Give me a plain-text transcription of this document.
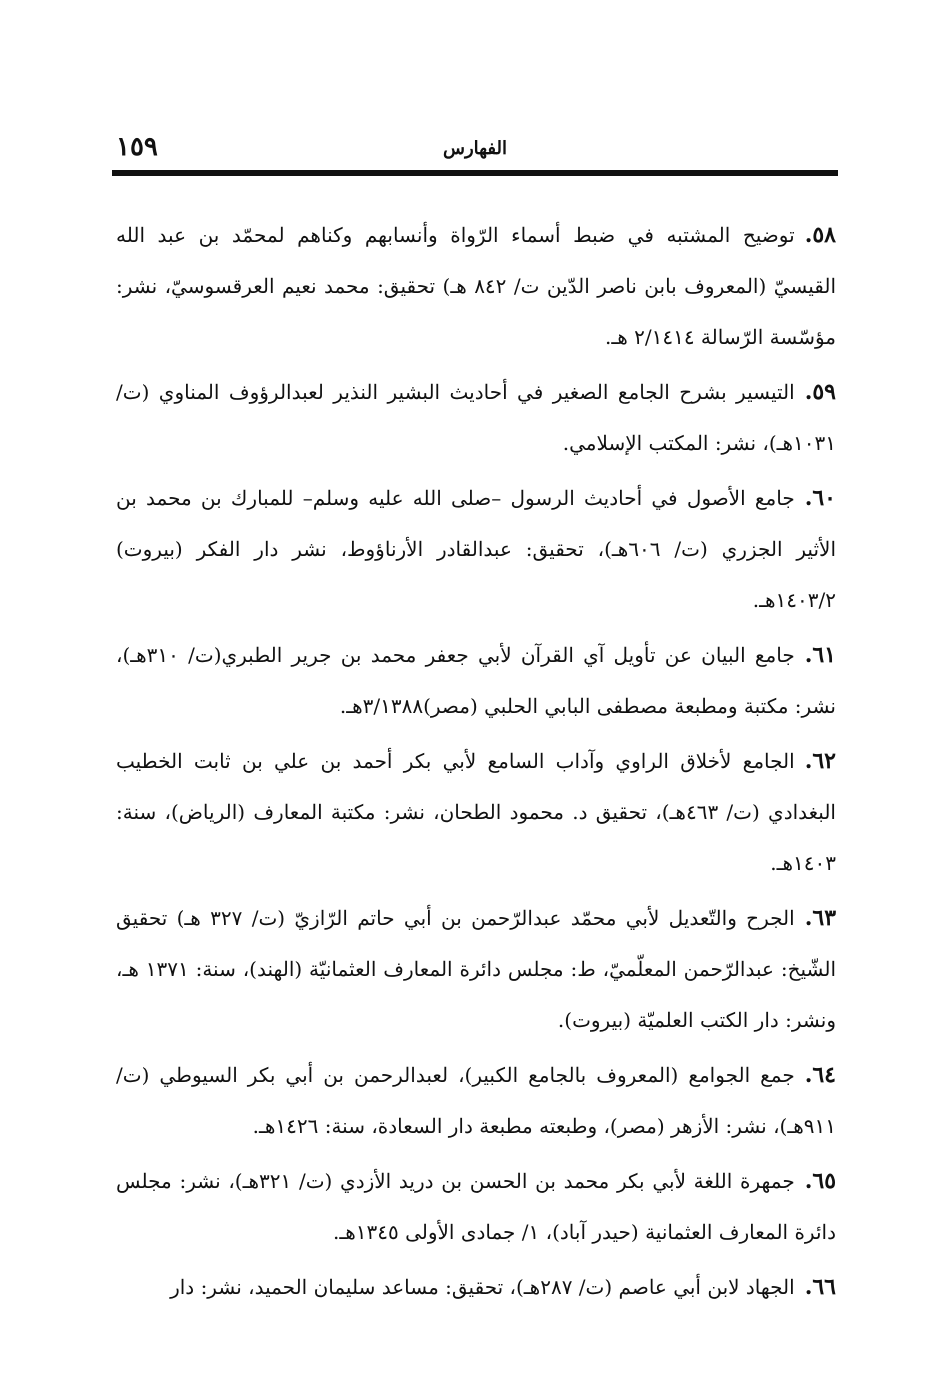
١٥٩	الفهارس

٥٨.توضيح المشتبه في ضبط أسماء الرّواة وأنسابهم وكناهم لمحمّد بن عبد الله القيسيّ (المعروف بابن ناصر الدّين ت/ ٨٤٢ هـ) تحقيق: محمد نعيم العرقسوسيّ، نشر: مؤسّسة الرّسالة ٢/١٤١٤ هـ.

٥٩.التيسير بشرح الجامع الصغير في أحاديث البشير النذير لعبدالرؤوف المناوي (ت/ ١٠٣١هـ)، نشر: المكتب الإسلامي.

٦٠.جامع الأصول في أحاديث الرسول –صلى الله عليه وسلم– للمبارك بن محمد بن الأثير الجزري (ت/ ٦٠٦هـ)، تحقيق: عبدالقادر الأرناؤوط، نشر دار الفكر (بيروت) ١٤٠٣/٢هـ.

٦١.جامع البيان عن تأويل آي القرآن لأبي جعفر محمد بن جرير الطبري(ت/ ٣١٠هـ)، نشر: مكتبة ومطبعة مصطفى البابي الحلبي (مصر)٣/١٣٨٨هـ.

٦٢.الجامع لأخلاق الراوي وآداب السامع لأبي بكر أحمد بن علي بن ثابت الخطيب البغدادي (ت/ ٤٦٣هـ)، تحقيق د. محمود الطحان، نشر: مكتبة المعارف (الرياض)، سنة: ١٤٠٣هـ.

٦٣.الجرح والتّعديل لأبي محمّد عبدالرّحمن بن أبي حاتم الرّازيّ (ت/ ٣٢٧ هـ) تحقيق الشّيخ: عبدالرّحمن المعلّميّ، ط: مجلس دائرة المعارف العثمانيّة (الهند)، سنة: ١٣٧١ هـ، ونشر: دار الكتب العلميّة (بيروت).

٦٤.جمع الجوامع (المعروف بالجامع الكبير)، لعبدالرحمن بن أبي بكر السيوطي (ت/ ٩١١هـ)، نشر: الأزهر (مصر)، وطبعته مطبعة دار السعادة، سنة: ١٤٢٦هـ.

٦٥.جمهرة اللغة لأبي بكر محمد بن الحسن بن دريد الأزدي (ت/ ٣٢١هـ)، نشر: مجلس دائرة المعارف العثمانية (حيدر آباد)، ١/ جمادى الأولى ١٣٤٥هـ.

٦٦.الجهاد لابن أبي عاصم (ت/ ٢٨٧هـ)، تحقيق: مساعد سليمان الحميد، نشر: دار
